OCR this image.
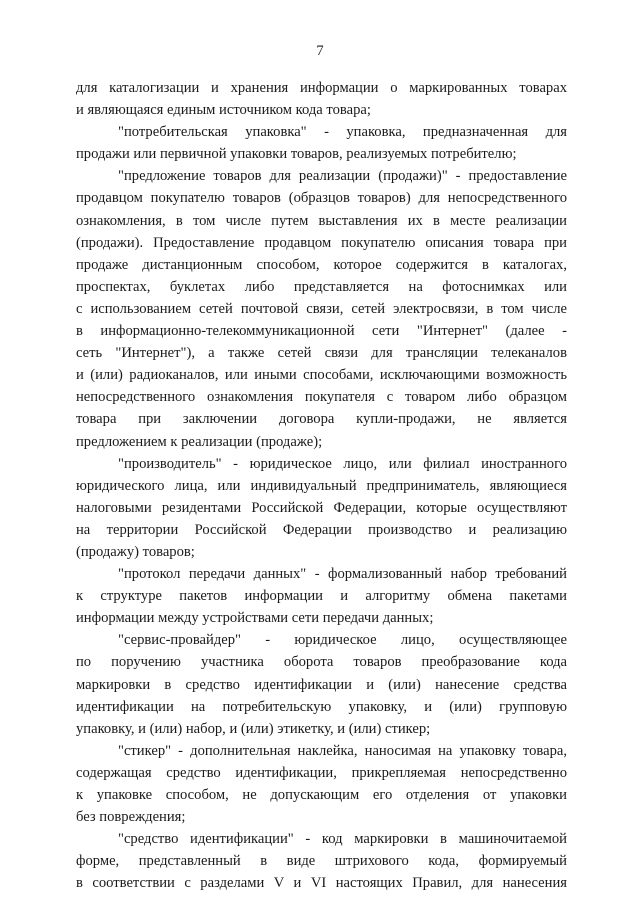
7
для каталогизации и хранения информации о маркированных товарах
и являющаяся единым источником кода товара;
"потребительская упаковка" - упаковка, предназначенная для
продажи или первичной упаковки товаров, реализуемых потребителю;
"предложение товаров для реализации (продажи)" - предоставление
продавцом покупателю товаров (образцов товаров) для непосредственного
ознакомления, в том числе путем выставления их в месте реализации
(продажи). Предоставление продавцом покупателю описания товара при
продаже дистанционным способом, которое содержится в каталогах,
проспектах, буклетах либо представляется на фотоснимках или
с использованием сетей почтовой связи, сетей электросвязи, в том числе
в информационно-телекоммуникационной сети "Интернет" (далее -
сеть "Интернет"), а также сетей связи для трансляции телеканалов
и (или) радиоканалов, или иными способами, исключающими возможность
непосредственного ознакомления покупателя с товаром либо образцом
товара при заключении договора купли-продажи, не является
предложением к реализации (продаже);
"производитель" - юридическое лицо, или филиал иностранного
юридического лица, или индивидуальный предприниматель, являющиеся
налоговыми резидентами Российской Федерации, которые осуществляют
на территории Российской Федерации производство и реализацию
(продажу) товаров;
"протокол передачи данных" - формализованный набор требований
к структуре пакетов информации и алгоритму обмена пакетами
информации между устройствами сети передачи данных;
"сервис-провайдер" - юридическое лицо, осуществляющее
по поручению участника оборота товаров преобразование кода
маркировки в средство идентификации и (или) нанесение средства
идентификации на потребительскую упаковку, и (или) групповую
упаковку, и (или) набор, и (или) этикетку, и (или) стикер;
"стикер" - дополнительная наклейка, наносимая на упаковку товара,
содержащая средство идентификации, прикрепляемая непосредственно
к упаковке способом, не допускающим его отделения от упаковки
без повреждения;
"средство идентификации" - код маркировки в машиночитаемой
форме, представленный в виде штрихового кода, формируемый
в соответствии с разделами V и VI настоящих Правил, для нанесения
